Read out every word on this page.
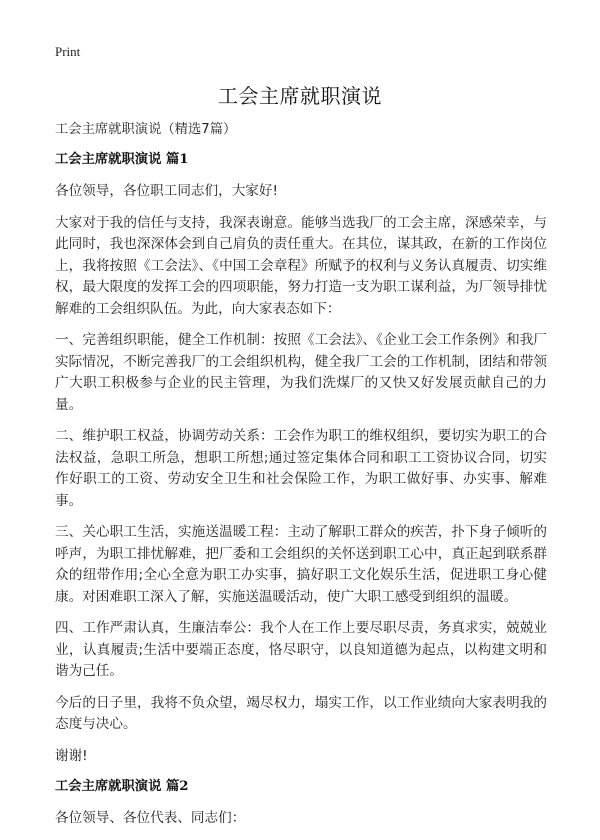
Print
工会主席就职演说
工会主席就职演说（精选7篇）
工会主席就职演说 篇1

各位领导，各位职工同志们，大家好!

大家对于我的信任与支持，我深表谢意。能够当选我厂的工会主席，深感荣幸，与此同时，我也深深体会到自己肩负的责任重大。在其位，谋其政，在新的工作岗位上，我将按照《工会法》、《中国工会章程》所赋予的权利与义务认真履责、切实维权，最大限度的发挥工会的四项职能，努力打造一支为职工谋利益，为厂领导排忧解难的工会组织队伍。为此，向大家表态如下：

一、完善组织职能，健全工作机制：按照《工会法》、《企业工会工作条例》和我厂实际情况，不断完善我厂的工会组织机构，健全我厂工会的工作机制，团结和带领广大职工积极参与企业的民主管理，为我们洗煤厂的又快又好发展贡献自己的力量。

二、维护职工权益，协调劳动关系：工会作为职工的维权组织，要切实为职工的合法权益，急职工所急，想职工所想;通过签定集体合同和职工工资协议合同，切实作好职工的工资、劳动安全卫生和社会保险工作，为职工做好事、办实事、解难事。

三、关心职工生活，实施送温暖工程：主动了解职工群众的疾苦，扑下身子倾听的呼声，为职工排忧解难，把厂委和工会组织的关怀送到职工心中，真正起到联系群众的纽带作用;全心全意为职工办实事，搞好职工文化娱乐生活，促进职工身心健康。对困难职工深入了解，实施送温暖活动，使广大职工感受到组织的温暖。

四、工作严肃认真，生廉洁奉公：我个人在工作上要尽职尽责，务真求实，兢兢业业，认真履责;生活中要端正态度，恪尽职守，以良知道德为起点，以构建文明和谐为己任。

今后的日子里，我将不负众望，竭尽权力，塌实工作，以工作业绩向大家表明我的态度与决心。

谢谢!

工会主席就职演说 篇2

各位领导、各位代表、同志们：
